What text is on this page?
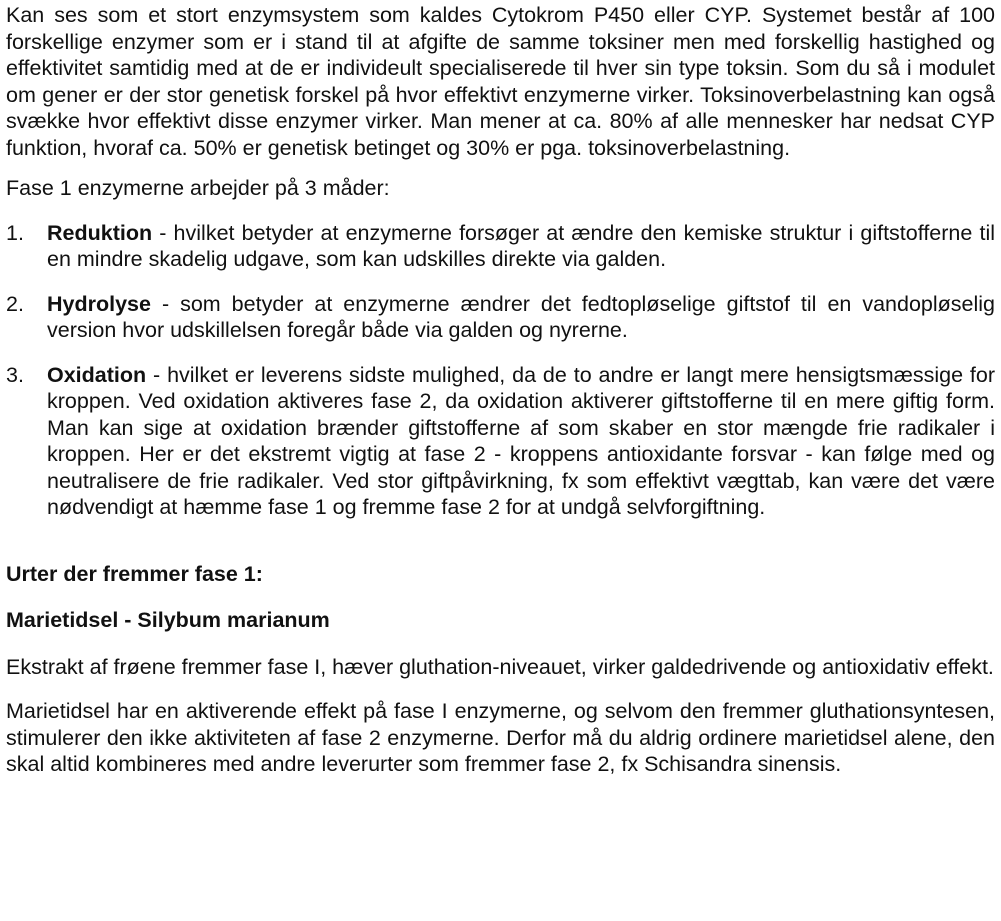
Kan ses som et stort enzymsystem som kaldes Cytokrom P450 eller CYP. Systemet består af 100 forskellige enzymer som er i stand til at afgifte de samme toksiner men med forskellig hastighed og effektivitet samtidig med at de er individeult specialiserede til hver sin type toksin. Som du så i modulet om gener er der stor genetisk forskel på hvor effektivt enzymerne virker. Toksinoverbelastning kan også svække hvor effektivt disse enzymer virker. Man mener at ca. 80% af alle mennesker har nedsat CYP funktion, hvoraf ca. 50% er genetisk betinget og 30% er pga. toksinoverbelastning.

Fase 1 enzymerne arbejder på 3 måder:

1. Reduktion - hvilket betyder at enzymerne forsøger at ændre den kemiske struktur i giftstofferne til en mindre skadelig udgave, som kan udskilles direkte via galden.
2. Hydrolyse - som betyder at enzymerne ændrer det fedtopløselige giftstof til en vandopløselig version hvor udskillelsen foregår både via galden og nyrerne.
3. Oxidation - hvilket er leverens sidste mulighed, da de to andre er langt mere hensigtsmæssige for kroppen. Ved oxidation aktiveres fase 2, da oxidation aktiverer giftstofferne til en mere giftig form. Man kan sige at oxidation brænder giftstofferne af som skaber en stor mængde frie radikaler i kroppen. Her er det ekstremt vigtig at fase 2 - kroppens antioxidante forsvar - kan følge med og neutralisere de frie radikaler. Ved stor giftpåvirkning, fx som effektivt vægttab, kan være det være nødvendigt at hæmme fase 1 og fremme fase 2 for at undgå selvforgiftning.

Urter der fremmer fase 1:

Marietidsel - Silybum marianum

Ekstrakt af frøene fremmer fase I, hæver gluthation-niveauet, virker galdedrivende og antioxidativ effekt.

Marietidsel har en aktiverende effekt på fase I enzymerne, og selvom den fremmer gluthationsyntesen, stimulerer den ikke aktiviteten af fase 2 enzymerne. Derfor må du aldrig ordinere marietidsel alene, den skal altid kombineres med andre leverurter som fremmer fase 2, fx Schisandra sinensis.
